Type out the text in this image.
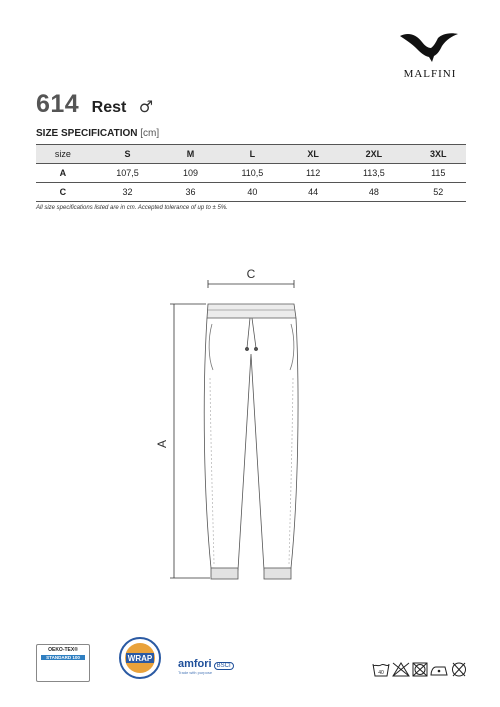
MALFINI
614 Rest ♂
SIZE SPECIFICATION [cm]
size	S	M	L	XL	2XL	3XL
A	107,5	109	110,5	112	113,5	115
C	32	36	40	44	48	52
All size specifications listed are in cm. Accepted tolerance of up to ± 5%.
C
A
OEKO-TEX®
STANDARD 100	WRAP amfori BSCI
Trade with purpose	40
